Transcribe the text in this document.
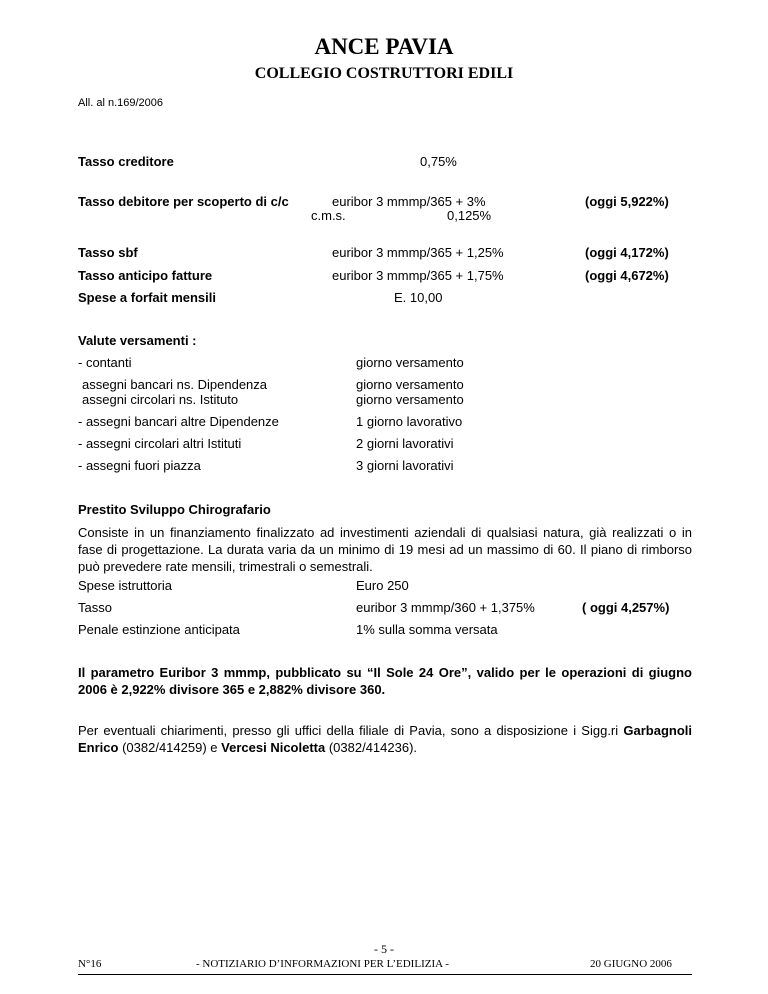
ANCE PAVIA
COLLEGIO COSTRUTTORI EDILI
All. al n.169/2006
Tasso creditore	0,75%
Tasso debitore per scoperto di c/c	euribor 3 mmmp/365 + 3%	(oggi 5,922%)
c.m.s.	0,125%
Tasso sbf	euribor 3 mmmp/365 + 1,25%	(oggi 4,172%)
Tasso anticipo fatture	euribor 3 mmmp/365 + 1,75%	(oggi 4,672%)
Spese a forfait mensili	E. 10,00
Valute versamenti :
- contanti	giorno versamento
assegni bancari ns. Dipendenza	giorno versamento
assegni circolari ns. Istituto	giorno versamento
- assegni bancari altre Dipendenze	1 giorno lavorativo
- assegni circolari altri Istituti	2 giorni lavorativi
- assegni fuori piazza	3 giorni lavorativi
Prestito Sviluppo Chirografario
Consiste in un finanziamento finalizzato ad investimenti aziendali di qualsiasi natura, già realizzati o in fase di progettazione. La durata varia da un minimo di 19 mesi ad un massimo di 60. Il piano di rimborso può prevedere rate mensili, trimestrali o semestrali.
Spese istruttoria	Euro 250
Tasso	euribor 3 mmmp/360 + 1,375%	( oggi 4,257%)
Penale estinzione anticipata	1% sulla somma versata
Il parametro Euribor 3 mmmp, pubblicato su “Il Sole 24 Ore”, valido per le operazioni di giugno 2006 è 2,922% divisore 365 e 2,882% divisore 360.
Per eventuali chiarimenti, presso gli uffici della filiale di Pavia, sono a disposizione i Sigg.ri Garbagnoli Enrico (0382/414259) e Vercesi Nicoletta (0382/414236).
- 5 -
N°16	- NOTIZIARIO D’INFORMAZIONI PER L’EDILIZIA -	20 GIUGNO 2006
